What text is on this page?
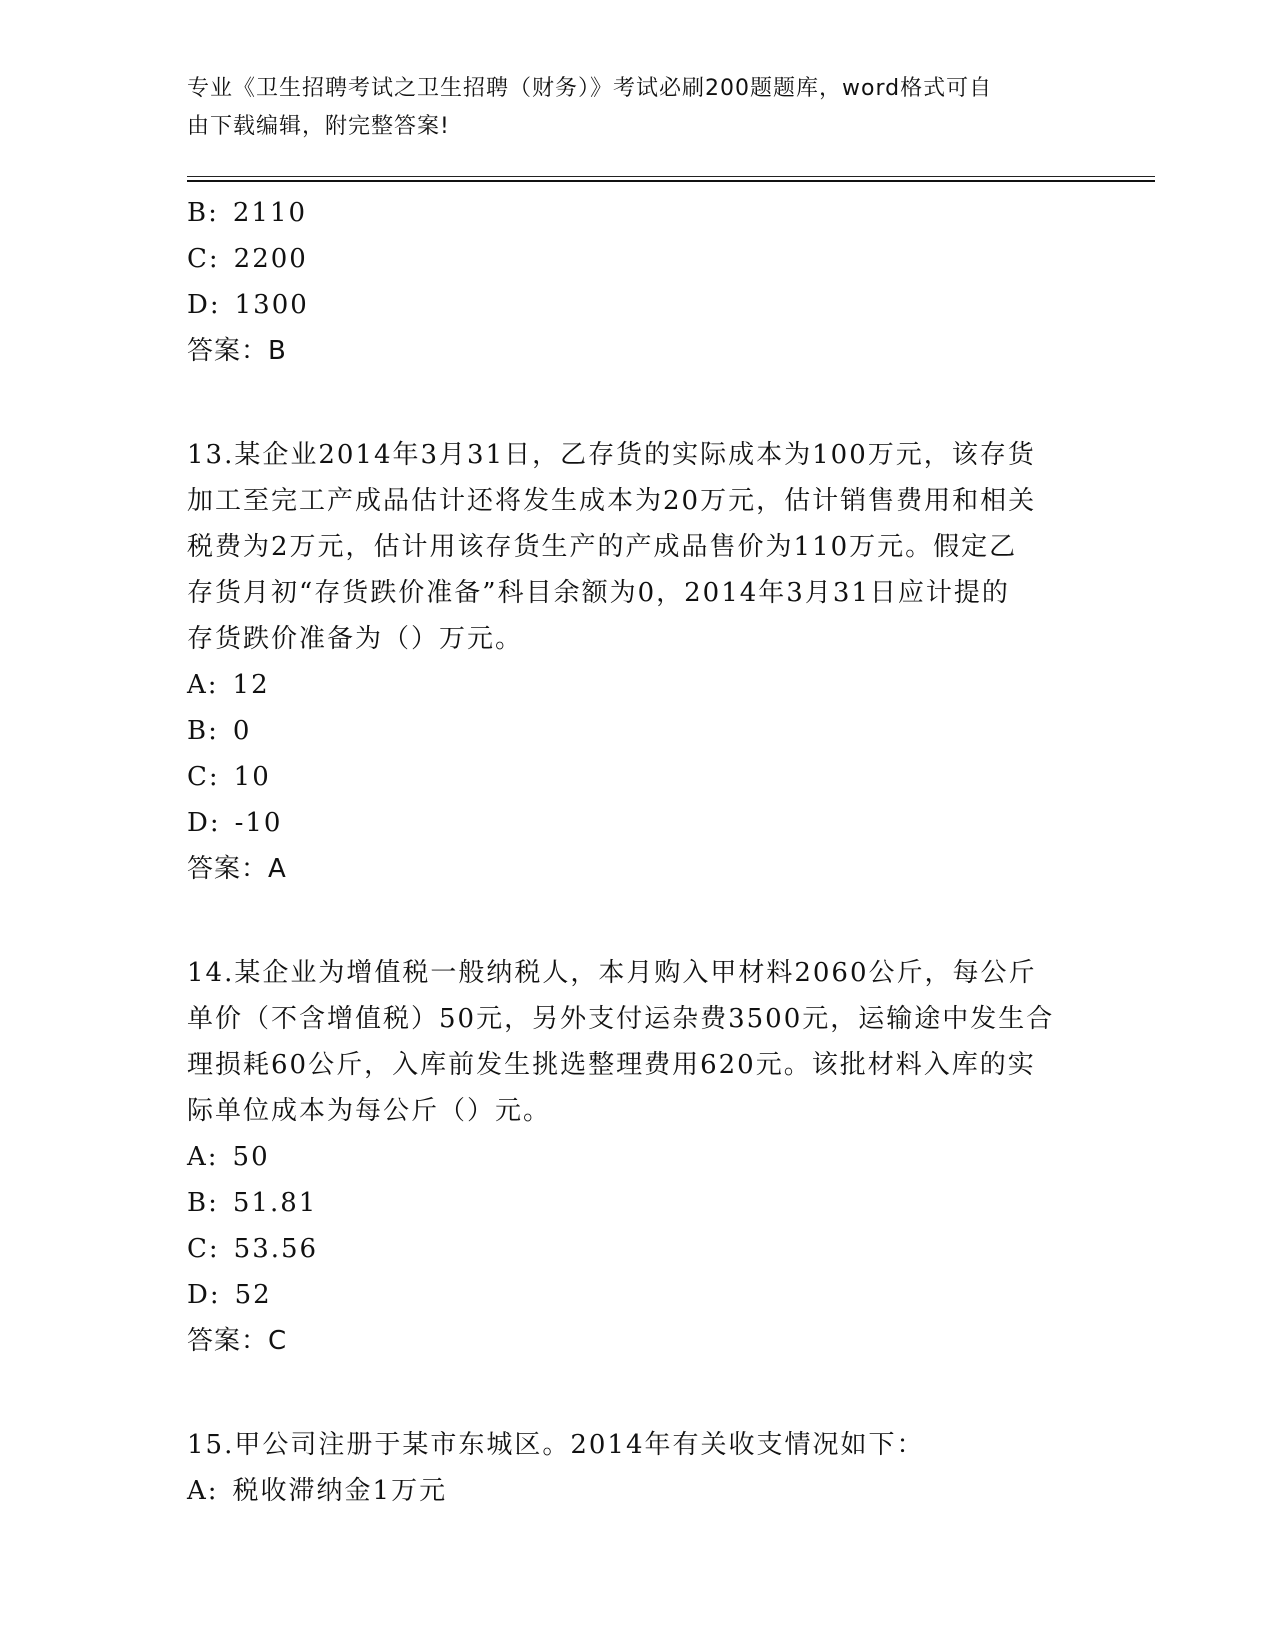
专业《卫生招聘考试之卫生招聘（财务）》考试必刷200题题库，word格式可自
由下载编辑，附完整答案!
B: 2110
C: 2200
D: 1300
答案：B
13.某企业2014年3月31日，乙存货的实际成本为100万元，该存货
加工至完工产成品估计还将发生成本为20万元，估计销售费用和相关
税费为2万元，估计用该存货生产的产成品售价为110万元。假定乙
存货月初“存货跌价准备”科目余额为0，2014年3月31日应计提的
存货跌价准备为（）万元。
A: 12
B: 0
C: 10
D: -10
答案：A
14.某企业为增值税一般纳税人，本月购入甲材料2060公斤，每公斤
单价（不含增值税）50元，另外支付运杂费3500元，运输途中发生合
理损耗60公斤，入库前发生挑选整理费用620元。该批材料入库的实
际单位成本为每公斤（）元。
A: 50
B: 51.81
C: 53.56
D: 52
答案：C
15.甲公司注册于某市东城区。2014年有关收支情况如下：
A: 税收滞纳金1万元
